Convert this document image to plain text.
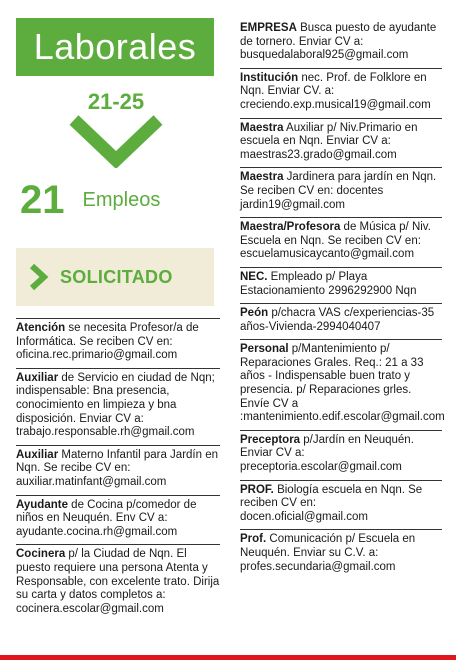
Laborales
21-25
21 Empleos
SOLICITADO
Atención se necesita Profesor/a de Informática. Se reciben CV en: oficina.rec.primario@gmail.com
Auxiliar de Servicio en ciudad de Nqn; indispensable: Bna presencia, conocimiento en limpieza y bna disposición. Enviar CV a: trabajo.responsable.rh@gmail.com
Auxiliar Materno Infantil para Jardín en Nqn. Se recibe CV en: auxiliar.matinfant@gmail.com
Ayudante de Cocina p/comedor de niños en Neuquén. Env CV a: ayudante.cocina.rh@gmail.com
Cocinera p/ la Ciudad de Nqn. El puesto requiere una persona Atenta y Responsable, con excelente trato. Dirija su carta y datos completos a: cocinera.escolar@gmail.com
EMPRESA Busca puesto de ayudante de tornero. Enviar CV a: busquedalaboral925@gmail.com
Institución nec. Prof. de Folklore en Nqn. Enviar CV. a: creciendo.exp.musical19@gmail.com
Maestra Auxiliar p/ Niv.Primario en escuela en Nqn. Enviar CV a: maestras23.grado@gmail.com
Maestra Jardinera para jardín en Nqn. Se reciben CV en: docentes jardin19@gmail.com
Maestra/Profesora de Música p/ Niv. Escuela en Nqn. Se reciben CV en: escuelamusicaycanto@gmail.com
NEC. Empleado p/ Playa Estacionamiento 2996292900 Nqn
Peón p/chacra VAS c/experiencias-35 años-Vivienda-2994040407
Personal p/Mantenimiento p/ Reparaciones Grales. Req.: 21 a 33 años - Indispensable buen trato y presencia. p/ Reparaciones grles. Envíe CV a :mantenimiento.edif.escolar@gmail.com
Preceptora p/Jardín en Neuquén. Enviar CV a: preceptoria.escolar@gmail.com
PROF. Biología escuela en Nqn. Se reciben CV en: docen.oficial@gmail.com
Prof. Comunicación p/ Escuela en Neuquén. Enviar su C.V. a: profes.secundaria@gmail.com
